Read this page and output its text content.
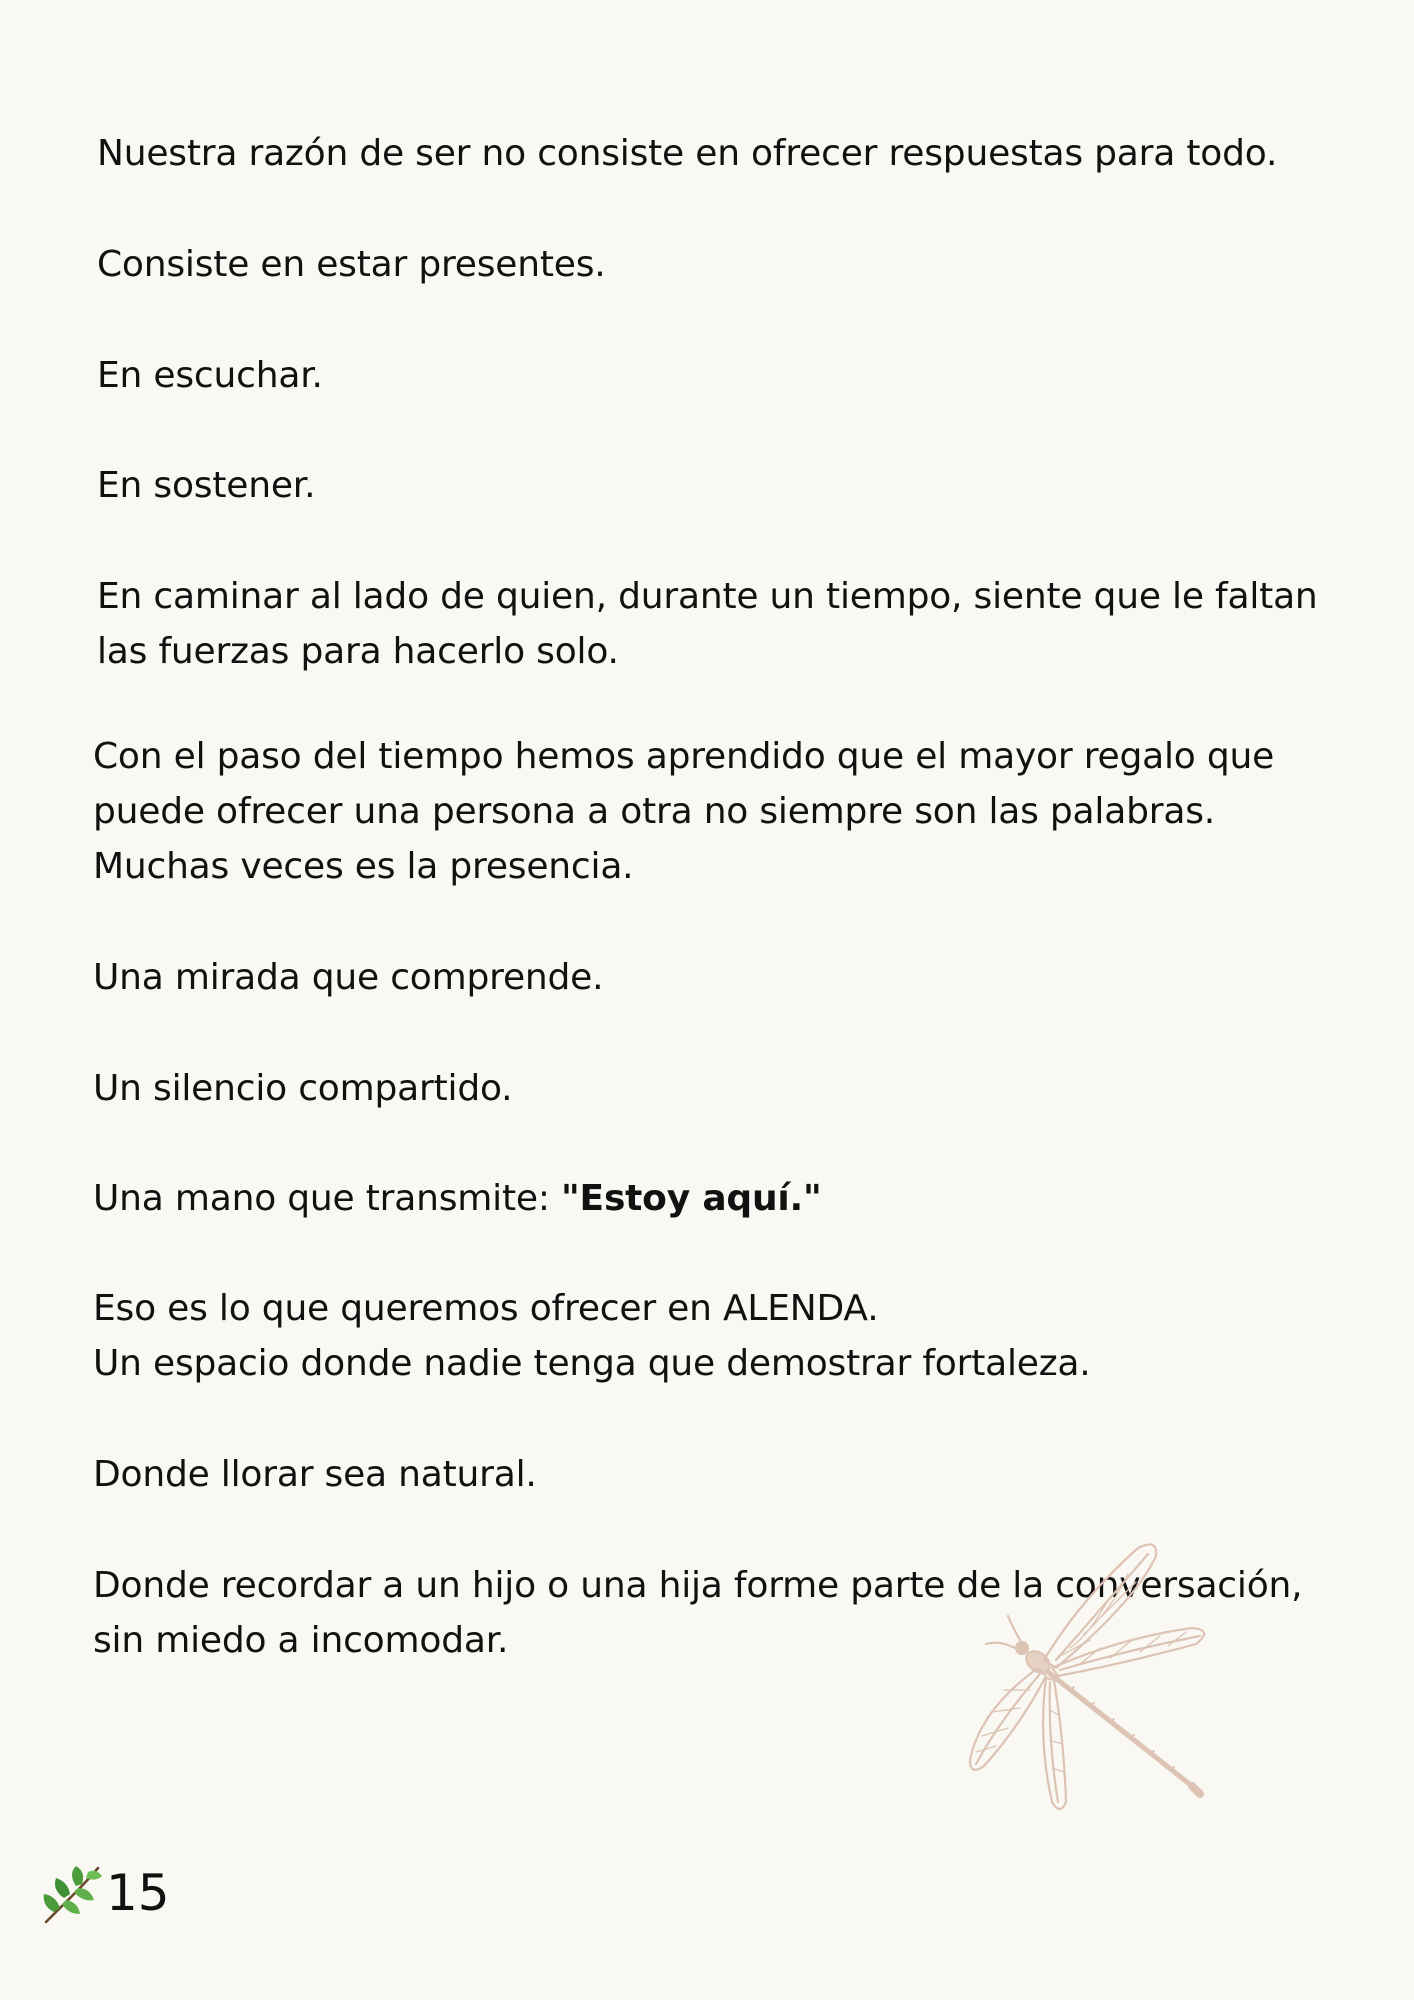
Nuestra razón de ser no consiste en ofrecer respuestas para todo.

Consiste en estar presentes.

En escuchar.

En sostener.

En caminar al lado de quien, durante un tiempo, siente que le faltan
las fuerzas para hacerlo solo.

Con el paso del tiempo hemos aprendido que el mayor regalo que
puede ofrecer una persona a otra no siempre son las palabras.
Muchas veces es la presencia.

Una mirada que comprende.

Un silencio compartido.

Una mano que transmite: "Estoy aquí."

Eso es lo que queremos ofrecer en ALENDA.
Un espacio donde nadie tenga que demostrar fortaleza.

Donde llorar sea natural.

Donde recordar a un hijo o una hija forme parte de la conversación,
sin miedo a incomodar.

15
